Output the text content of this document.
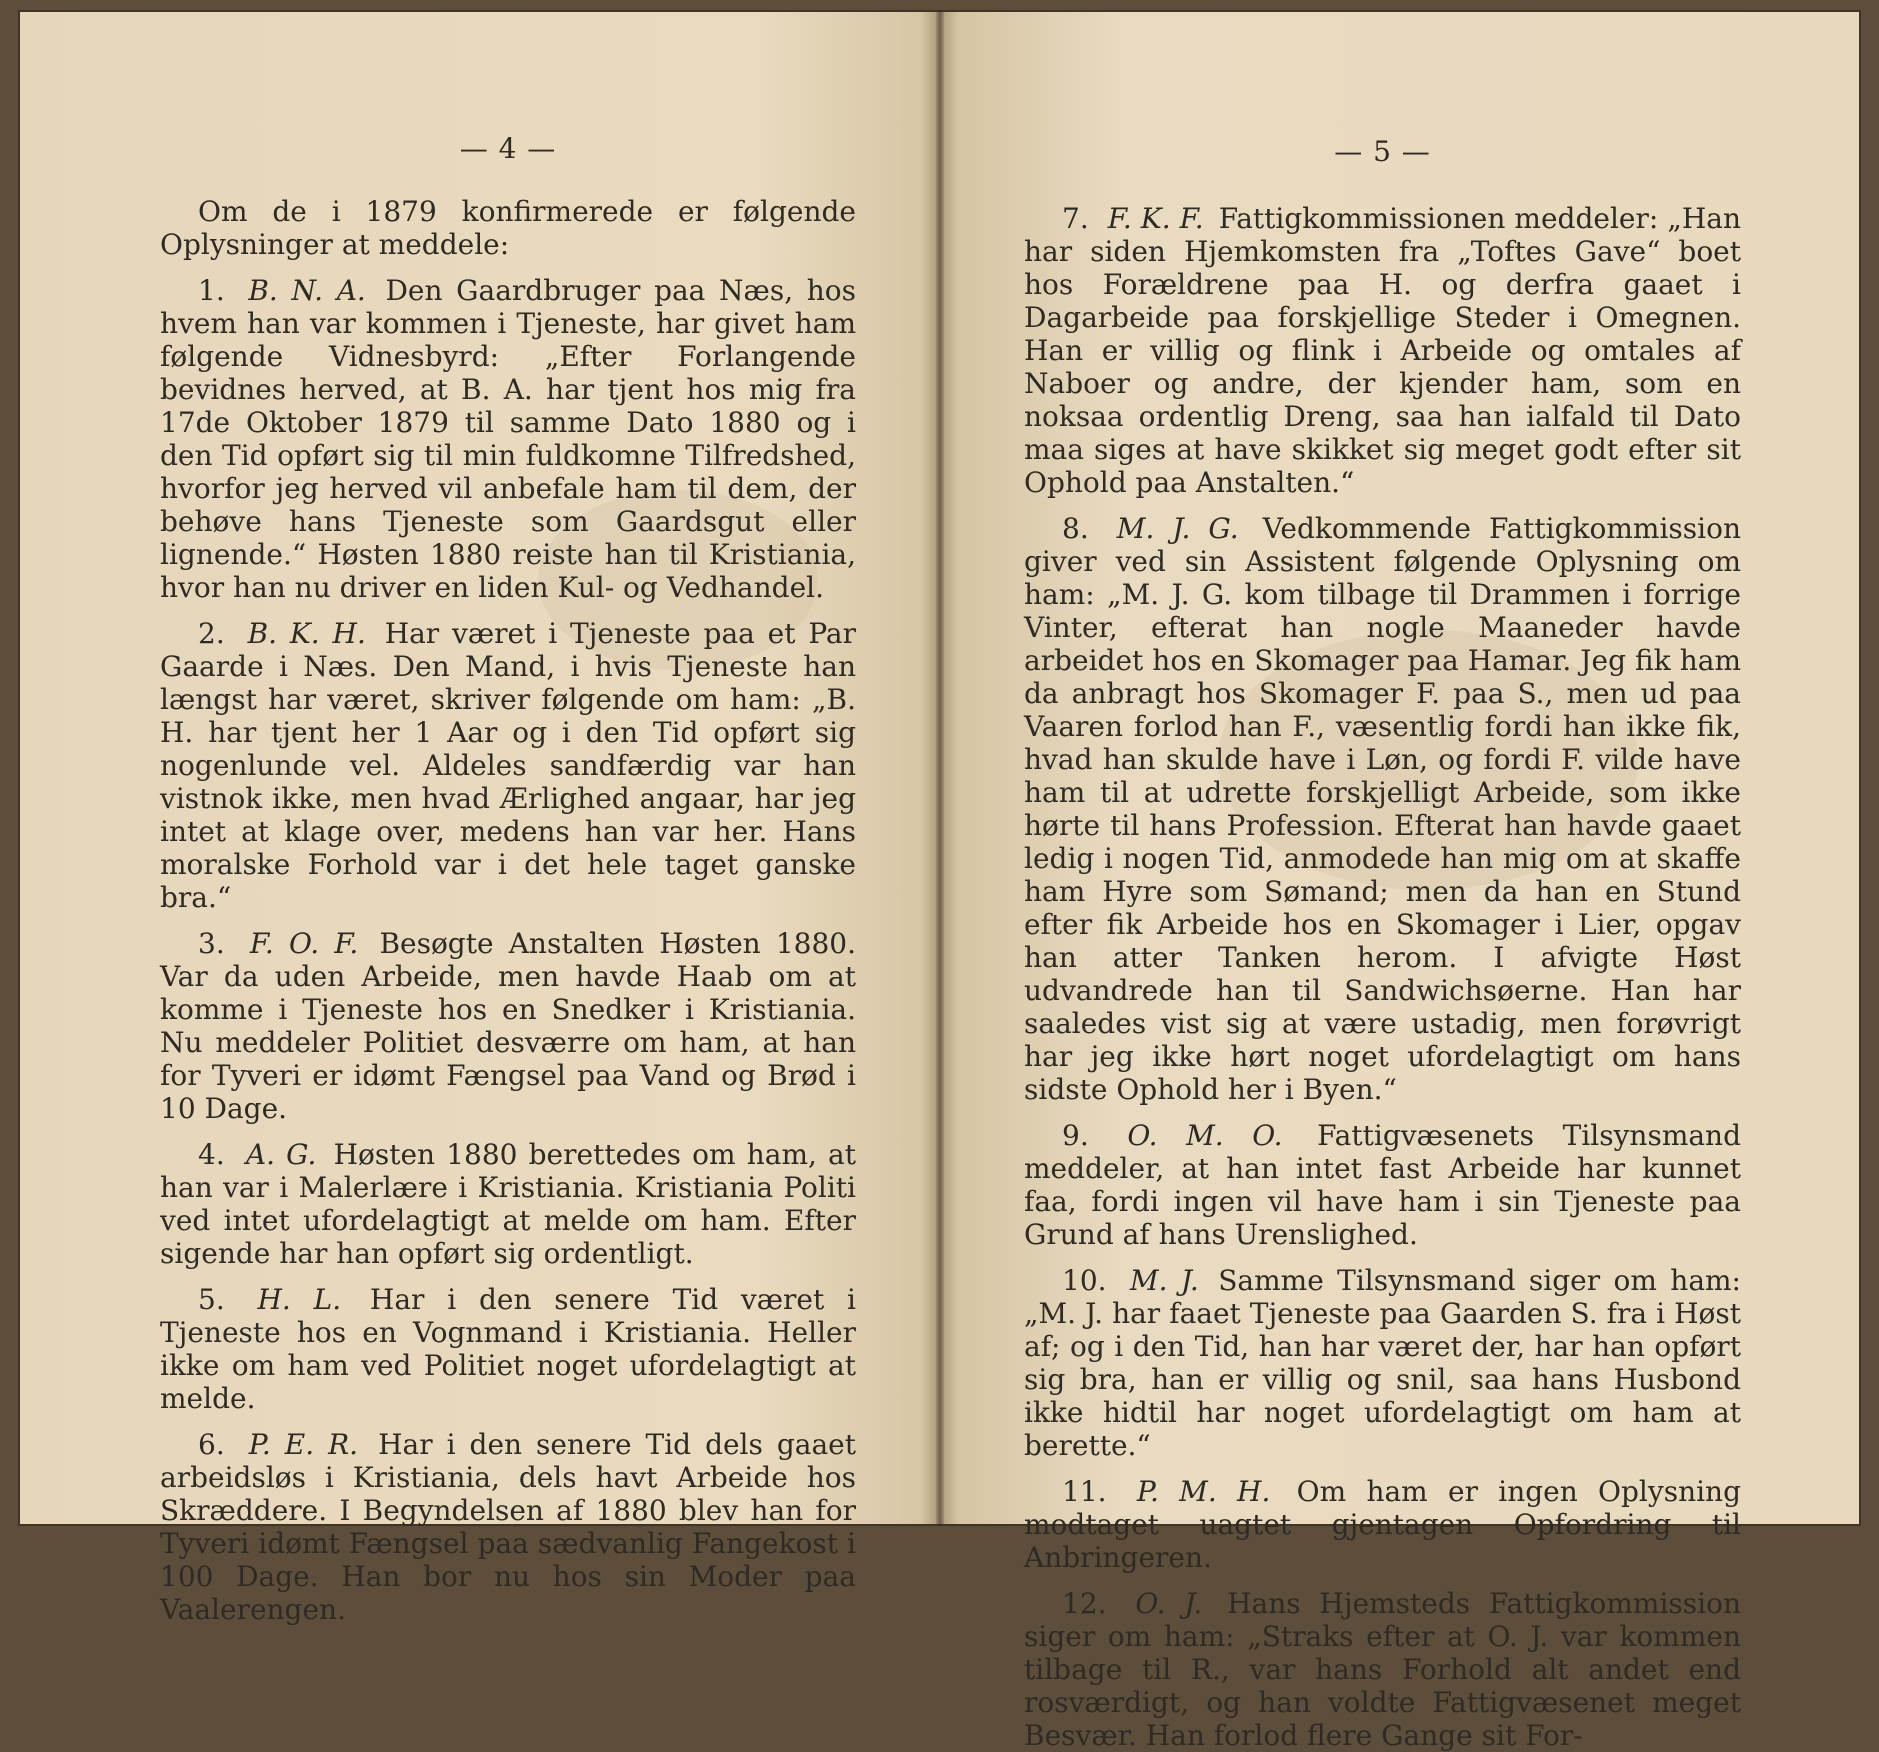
— 4 —

Om de i 1879 konfirmerede er følgende Oplysninger at meddele:

1. B. N. A. Den Gaardbruger paa Næs, hos hvem han var kommen i Tjeneste, har givet ham følgende Vidnesbyrd: „Efter Forlangende bevidnes herved, at B. A. har tjent hos mig fra 17de Oktober 1879 til samme Dato 1880 og i den Tid opført sig til min fuldkomne Tilfredshed, hvorfor jeg herved vil anbefale ham til dem, der behøve hans Tjeneste som Gaardsgut eller lignende.“ Høsten 1880 reiste han til Kristiania, hvor han nu driver en liden Kul- og Vedhandel.

2. B. K. H. Har været i Tjeneste paa et Par Gaarde i Næs. Den Mand, i hvis Tjeneste han længst har været, skriver følgende om ham: „B. H. har tjent her 1 Aar og i den Tid opført sig nogenlunde vel. Aldeles sandfærdig var han vistnok ikke, men hvad Ærlighed angaar, har jeg intet at klage over, medens han var her. Hans moralske Forhold var i det hele taget ganske bra.“

3. F. O. F. Besøgte Anstalten Høsten 1880. Var da uden Arbeide, men havde Haab om at komme i Tjeneste hos en Snedker i Kristiania. Nu meddeler Politiet desværre om ham, at han for Tyveri er idømt Fængsel paa Vand og Brød i 10 Dage.

4. A. G. Høsten 1880 berettedes om ham, at han var i Malerlære i Kristiania. Kristiania Politi ved intet ufordelagtigt at melde om ham. Efter sigende har han opført sig ordentligt.

5. H. L. Har i den senere Tid været i Tjeneste hos en Vognmand i Kristiania. Heller ikke om ham ved Politiet noget ufordelagtigt at melde.

6. P. E. R. Har i den senere Tid dels gaaet arbeidsløs i Kristiania, dels havt Arbeide hos Skræddere. I Begyndelsen af 1880 blev han for Tyveri idømt Fængsel paa sædvanlig Fangekost i 100 Dage. Han bor nu hos sin Moder paa Vaalerengen.

— 5 —

7. F. K. F. Fattigkommissionen meddeler: „Han har siden Hjemkomsten fra „Toftes Gave“ boet hos Forældrene paa H. og derfra gaaet i Dagarbeide paa forskjellige Steder i Omegnen. Han er villig og flink i Arbeide og omtales af Naboer og andre, der kjender ham, som en noksaa ordentlig Dreng, saa han ialfald til Dato maa siges at have skikket sig meget godt efter sit Ophold paa Anstalten.“

8. M. J. G. Vedkommende Fattigkommission giver ved sin Assistent følgende Oplysning om ham: „M. J. G. kom tilbage til Drammen i forrige Vinter, efterat han nogle Maaneder havde arbeidet hos en Skomager paa Hamar. Jeg fik ham da anbragt hos Skomager F. paa S., men ud paa Vaaren forlod han F., væsentlig fordi han ikke fik, hvad han skulde have i Løn, og fordi F. vilde have ham til at udrette forskjelligt Arbeide, som ikke hørte til hans Profession. Efterat han havde gaaet ledig i nogen Tid, anmodede han mig om at skaffe ham Hyre som Sømand; men da han en Stund efter fik Arbeide hos en Skomager i Lier, opgav han atter Tanken herom. I afvigte Høst udvandrede han til Sandwichsøerne. Han har saaledes vist sig at være ustadig, men forøvrigt har jeg ikke hørt noget ufordelagtigt om hans sidste Ophold her i Byen.“

9. O. M. O. Fattigvæsenets Tilsynsmand meddeler, at han intet fast Arbeide har kunnet faa, fordi ingen vil have ham i sin Tjeneste paa Grund af hans Urenslighed.

10. M. J. Samme Tilsynsmand siger om ham: „M. J. har faaet Tjeneste paa Gaarden S. fra i Høst af; og i den Tid, han har været der, har han opført sig bra, han er villig og snil, saa hans Husbond ikke hidtil har noget ufordelagtigt om ham at berette.“

11. P. M. H. Om ham er ingen Oplysning modtaget uagtet gjentagen Opfordring til Anbringeren.

12. O. J. Hans Hjemsteds Fattigkommission siger om ham: „Straks efter at O. J. var kommen tilbage til R., var hans Forhold alt andet end rosværdigt, og han voldte Fattigvæsenet meget Besvær. Han forlod flere Gange sit For-
